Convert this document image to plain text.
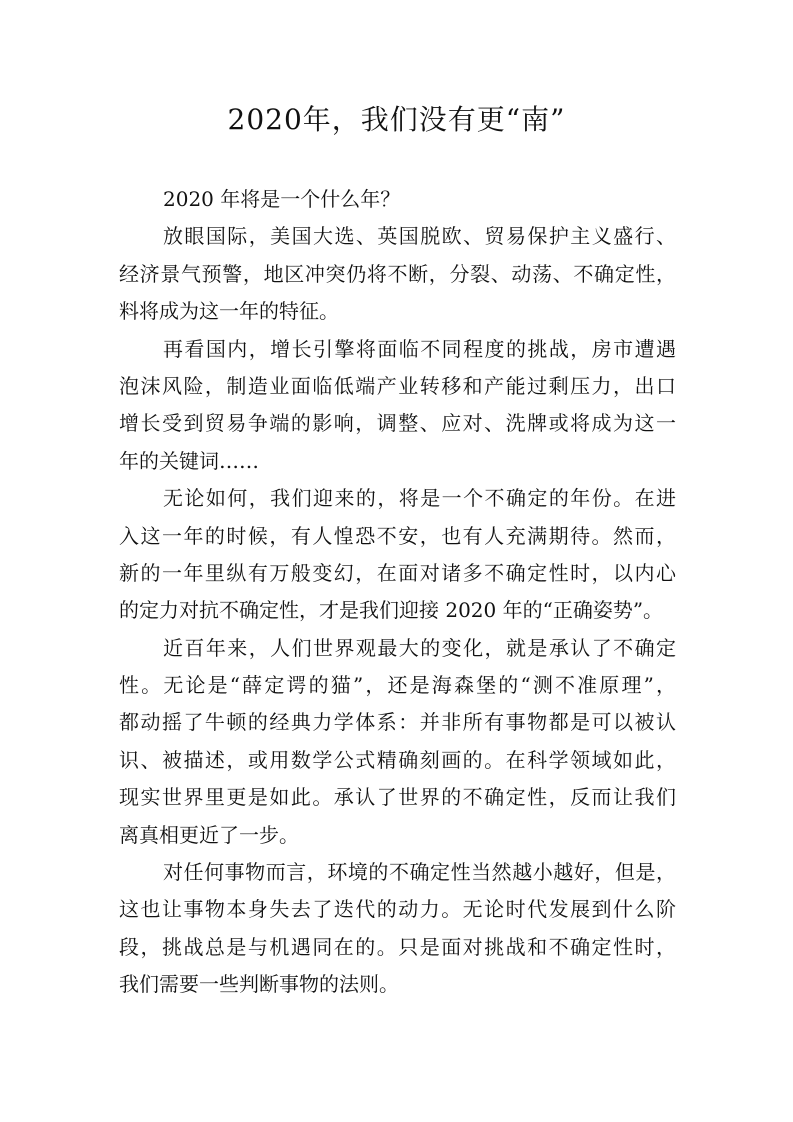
2020年，我们没有更“南”
2020 年将是一个什么年？
放眼国际，美国大选、英国脱欧、贸易保护主义盛行、
经济景气预警，地区冲突仍将不断，分裂、动荡、不确定性，
料将成为这一年的特征。
再看国内，增长引擎将面临不同程度的挑战，房市遭遇
泡沫风险，制造业面临低端产业转移和产能过剩压力，出口
增长受到贸易争端的影响，调整、应对、洗牌或将成为这一
年的关键词……
无论如何，我们迎来的，将是一个不确定的年份。在进
入这一年的时候，有人惶恐不安，也有人充满期待。然而，
新的一年里纵有万般变幻，在面对诸多不确定性时，以内心
的定力对抗不确定性，才是我们迎接 2020 年的“正确姿势”。
近百年来，人们世界观最大的变化，就是承认了不确定
性。无论是“薛定谔的猫”，还是海森堡的“测不准原理”，
都动摇了牛顿的经典力学体系：并非所有事物都是可以被认
识、被描述，或用数学公式精确刻画的。在科学领域如此，
现实世界里更是如此。承认了世界的不确定性，反而让我们
离真相更近了一步。
对任何事物而言，环境的不确定性当然越小越好，但是，
这也让事物本身失去了迭代的动力。无论时代发展到什么阶
段，挑战总是与机遇同在的。只是面对挑战和不确定性时，
我们需要一些判断事物的法则。
